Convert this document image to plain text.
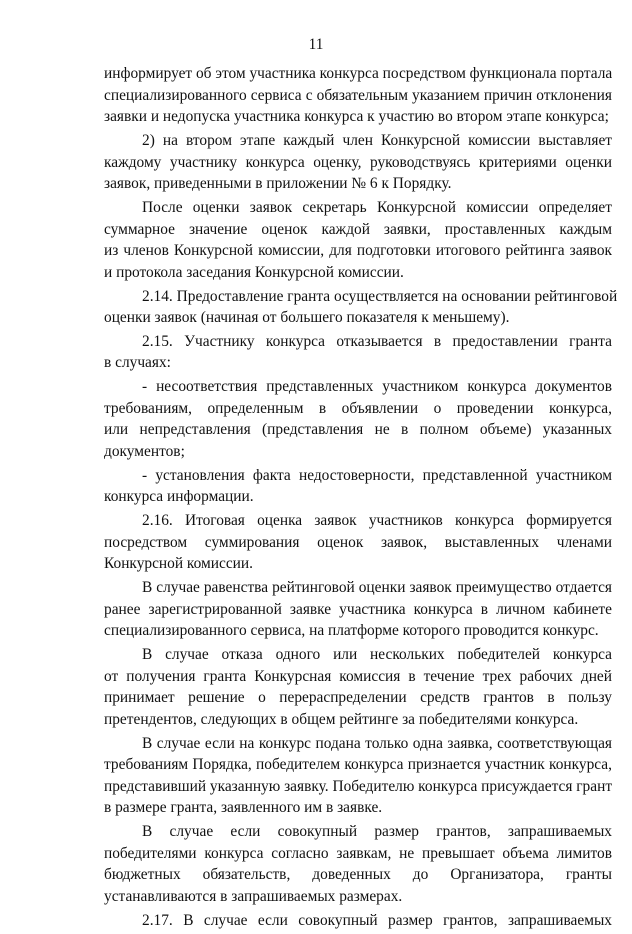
11
информирует об этом участника конкурса посредством функционала портала
специализированного сервиса с обязательным указанием причин отклонения
заявки и недопуска участника конкурса к участию во втором этапе конкурса;
2) на втором этапе каждый член Конкурсной комиссии выставляет
каждому участнику конкурса оценку, руководствуясь критериями оценки
заявок, приведенными в приложении № 6 к Порядку.
После оценки заявок секретарь Конкурсной комиссии определяет
суммарное значение оценок каждой заявки, проставленных каждым
из членов Конкурсной комиссии, для подготовки итогового рейтинга заявок
и протокола заседания Конкурсной комиссии.
2.14. Предоставление гранта осуществляется на основании рейтинговой
оценки заявок (начиная от большего показателя к меньшему).
2.15. Участнику конкурса отказывается в предоставлении гранта
в случаях:
- несоответствия представленных участником конкурса документов
требованиям, определенным в объявлении о проведении конкурса,
или непредставления (представления не в полном объеме) указанных
документов;
- установления факта недостоверности, представленной участником
конкурса информации.
2.16. Итоговая оценка заявок участников конкурса формируется
посредством суммирования оценок заявок, выставленных членами
Конкурсной комиссии.
В случае равенства рейтинговой оценки заявок преимущество отдается
ранее зарегистрированной заявке участника конкурса в личном кабинете
специализированного сервиса, на платформе которого проводится конкурс.
В случае отказа одного или нескольких победителей конкурса
от получения гранта Конкурсная комиссия в течение трех рабочих дней
принимает решение о перераспределении средств грантов в пользу
претендентов, следующих в общем рейтинге за победителями конкурса.
В случае если на конкурс подана только одна заявка, соответствующая
требованиям Порядка, победителем конкурса признается участник конкурса,
представивший указанную заявку. Победителю конкурса присуждается грант
в размере гранта, заявленного им в заявке.
В случае если совокупный размер грантов, запрашиваемых
победителями конкурса согласно заявкам, не превышает объема лимитов
бюджетных обязательств, доведенных до Организатора, гранты
устанавливаются в запрашиваемых размерах.
2.17. В случае если совокупный размер грантов, запрашиваемых
